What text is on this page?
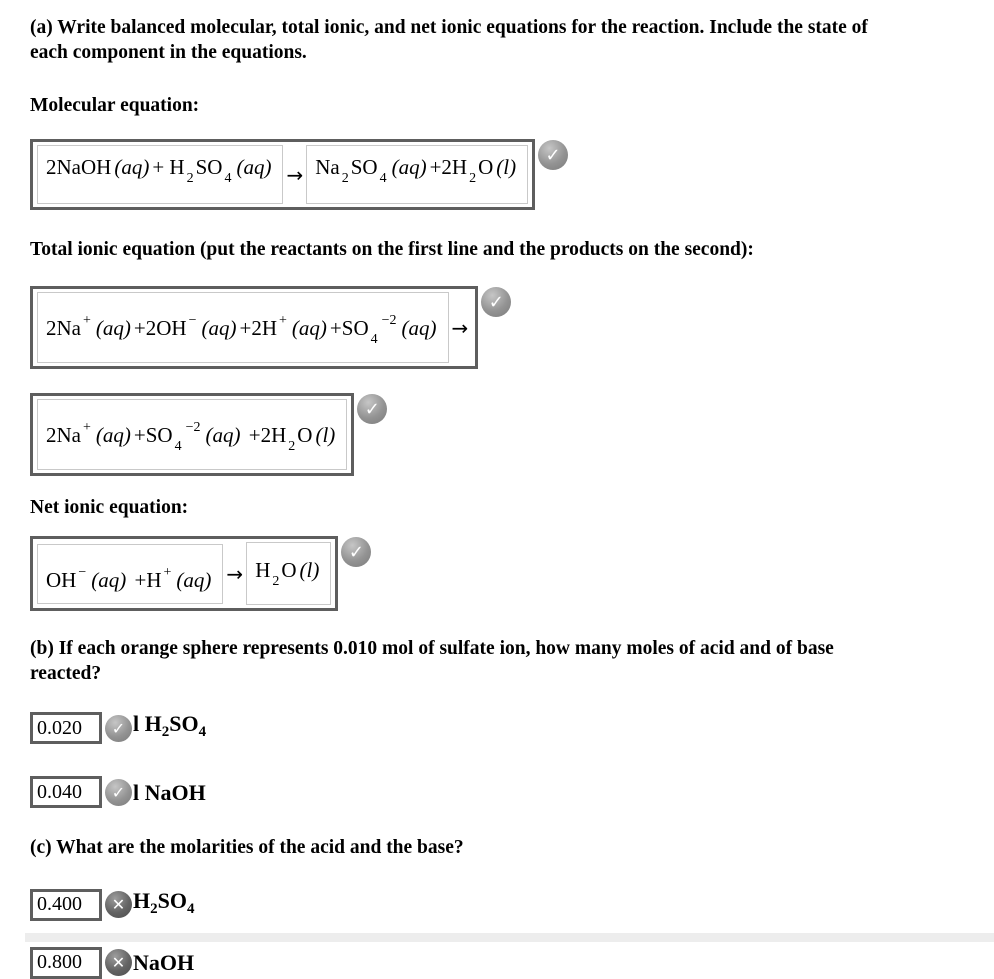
(a) Write balanced molecular, total ionic, and net ionic equations for the reaction. Include the state of
each component in the equations.
Molecular equation:
2NaOH (aq) + H $_2$SO $_4$ (aq) → Na $_2$SO $_4$ (aq) +2H $_2$O (l)	✓
Total ionic equation (put the reactants on the first line and the products on the second):
2Na + (aq) +2OH − (aq) +2H + (aq) +SO $_4^{-2}$ (aq) →
✓
2Na + (aq) +SO $_4^{-2}$ (aq) +2H $_2$O (l)
✓
Net ionic equation:
OH − (aq) +H + (aq) → H $_2$O (l)
✓
(b) If each orange sphere represents 0.010 mol of sulfate ion, how many moles of acid and of base
reacted?
0.020
✓ l $H_2SO_4$
0.040
✓ l NaOH
(c) What are the molarities of the acid and the base?
0.400
✕ $H_2SO_4$
0.800
✕ NaOH
